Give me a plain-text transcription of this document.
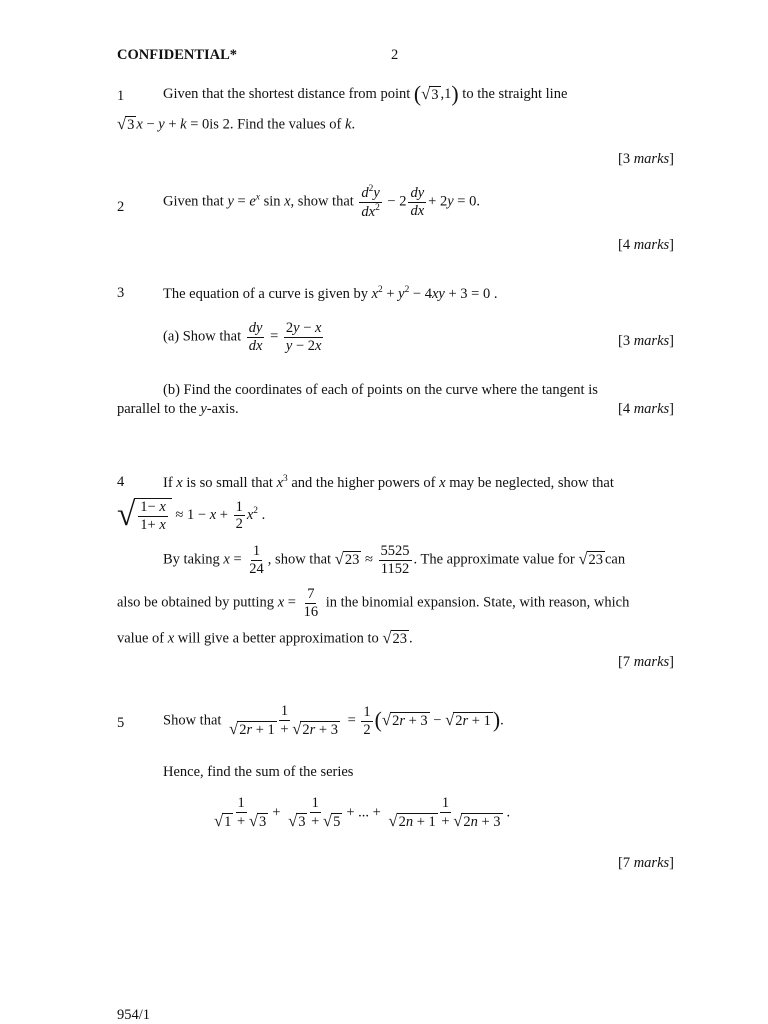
CONFIDENTIAL*	2
1	Given that the shortest distance from point ( √ 3 ,1) to the straight line
√ 3 x − y + k = 0is 2. Find the values of k.
[3 marks]
2	Given that $y = e^x$ sin x, show that $\frac{d^2y}{dx^2} - 2 \frac{dy}{dx} + 2y = 0$.
[4 marks]
3	The equation of a curve is given by $x^2 + y^2 - 4xy + 3 = 0$ .
(a) Show that $\frac{dy}{dx} = \frac{2y - x}{y - 2x}$	[3 marks]
(b) Find the coordinates of each of points on the curve where the tangent is
parallel to the y-axis.	[4 marks]
4	If x is so small that $x^3$ and the higher powers of x may be neglected, show that
√ $\frac{1- x}{1+ x} \approx 1 - x + \frac{1}{2} x^2$ .
By taking $x = \frac{1}{24}$ , show that √ $23 \approx \frac{5525}{1152}$ . The approximate value for √ 23 can
also be obtained by putting $x = \frac{7}{16}$ in the binomial expansion. State, with reason, which
value of x will give a better approximation to √ 23 .
[7 marks]
5	Show that $\frac{1}{√ 2r + 1 + √ 2r + 3} = \frac{1}{2}$ ( √ 2r + 3 − √ 2r + 1 ).
Hence, find the sum of the series
$\frac{1}{√ 1 + √ 3} + \frac{1}{√ 3 + √ 5}$ + ... + $\frac{1}{√ 2n + 1 + √ 2n + 3}$ .
[7 marks]
954/1
